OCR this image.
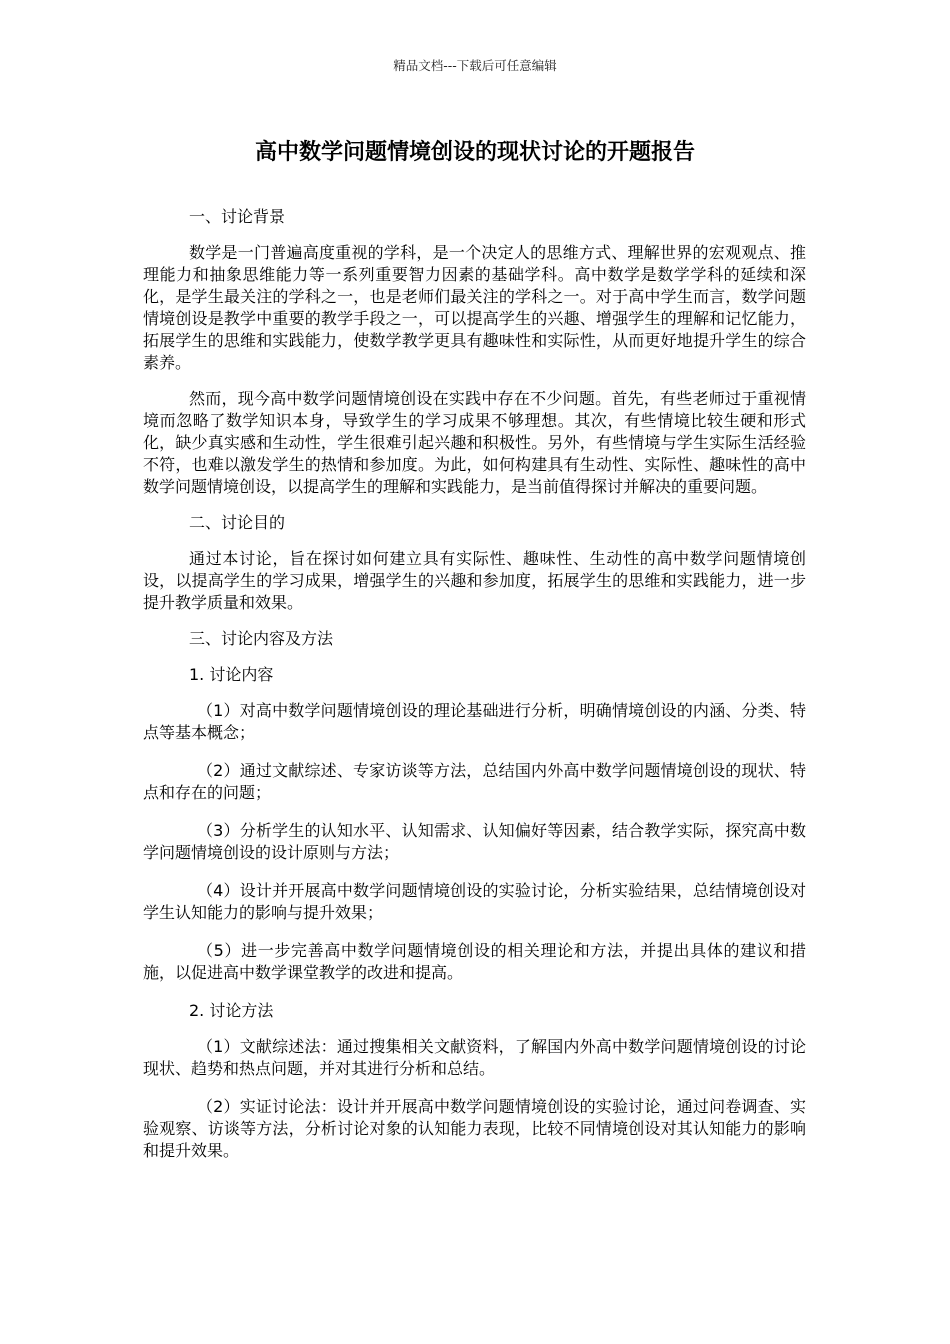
精品文档---下载后可任意编辑
高中数学问题情境创设的现状讨论的开题报告

一、讨论背景

数学是一门普遍高度重视的学科，是一个决定人的思维方式、理解世界的宏观观点、推理能力和抽象思维能力等一系列重要智力因素的基础学科。高中数学是数学学科的延续和深化，是学生最关注的学科之一，也是老师们最关注的学科之一。对于高中学生而言，数学问题情境创设是教学中重要的教学手段之一，可以提高学生的兴趣、增强学生的理解和记忆能力，拓展学生的思维和实践能力，使数学教学更具有趣味性和实际性，从而更好地提升学生的综合素养。

然而，现今高中数学问题情境创设在实践中存在不少问题。首先，有些老师过于重视情境而忽略了数学知识本身，导致学生的学习成果不够理想。其次，有些情境比较生硬和形式化，缺少真实感和生动性，学生很难引起兴趣和积极性。另外，有些情境与学生实际生活经验不符，也难以激发学生的热情和参加度。为此，如何构建具有生动性、实际性、趣味性的高中数学问题情境创设，以提高学生的理解和实践能力，是当前值得探讨并解决的重要问题。

二、讨论目的

通过本讨论，旨在探讨如何建立具有实际性、趣味性、生动性的高中数学问题情境创设，以提高学生的学习成果，增强学生的兴趣和参加度，拓展学生的思维和实践能力，进一步提升教学质量和效果。

三、讨论内容及方法

1. 讨论内容

（1）对高中数学问题情境创设的理论基础进行分析，明确情境创设的内涵、分类、特点等基本概念；

（2）通过文献综述、专家访谈等方法，总结国内外高中数学问题情境创设的现状、特点和存在的问题；

（3）分析学生的认知水平、认知需求、认知偏好等因素，结合教学实际，探究高中数学问题情境创设的设计原则与方法；

（4）设计并开展高中数学问题情境创设的实验讨论，分析实验结果，总结情境创设对学生认知能力的影响与提升效果；

（5）进一步完善高中数学问题情境创设的相关理论和方法，并提出具体的建议和措施，以促进高中数学课堂教学的改进和提高。

2. 讨论方法

（1）文献综述法：通过搜集相关文献资料，了解国内外高中数学问题情境创设的讨论现状、趋势和热点问题，并对其进行分析和总结。

（2）实证讨论法：设计并开展高中数学问题情境创设的实验讨论，通过问卷调查、实验观察、访谈等方法，分析讨论对象的认知能力表现，比较不同情境创设对其认知能力的影响和提升效果。
